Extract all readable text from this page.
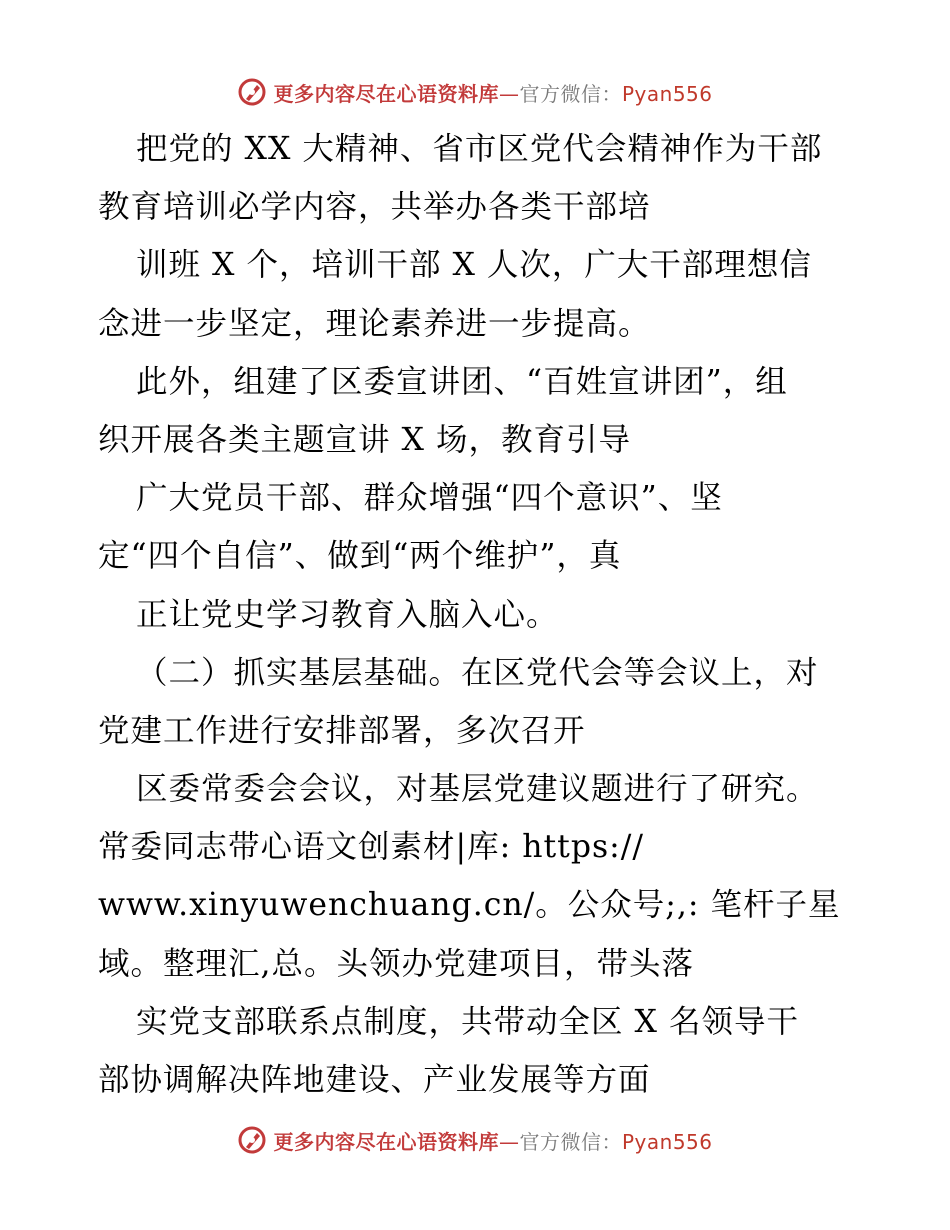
更多内容尽在心语资料库—官方微信：Pyan556
把党的 XX 大精神、省市区党代会精神作为干部
教育培训必学内容，共举办各类干部培
训班 X 个，培训干部 X 人次，广大干部理想信
念进一步坚定，理论素养进一步提高。
此外，组建了区委宣讲团、“百姓宣讲团”，组
织开展各类主题宣讲 X 场，教育引导
广大党员干部、群众增强“四个意识”、坚
定“四个自信”、做到“两个维护”，真
正让党史学习教育入脑入心。
（二）抓实基层基础。在区党代会等会议上，对
党建工作进行安排部署，多次召开
区委常委会会议，对基层党建议题进行了研究。
常委同志带心语文创素材|库: https://
www.xinyuwenchuang.cn/。公众号;,: 笔杆子星
域。整理汇,总。头领办党建项目，带头落
实党支部联系点制度，共带动全区 X 名领导干
部协调解决阵地建设、产业发展等方面
更多内容尽在心语资料库—官方微信：Pyan556
